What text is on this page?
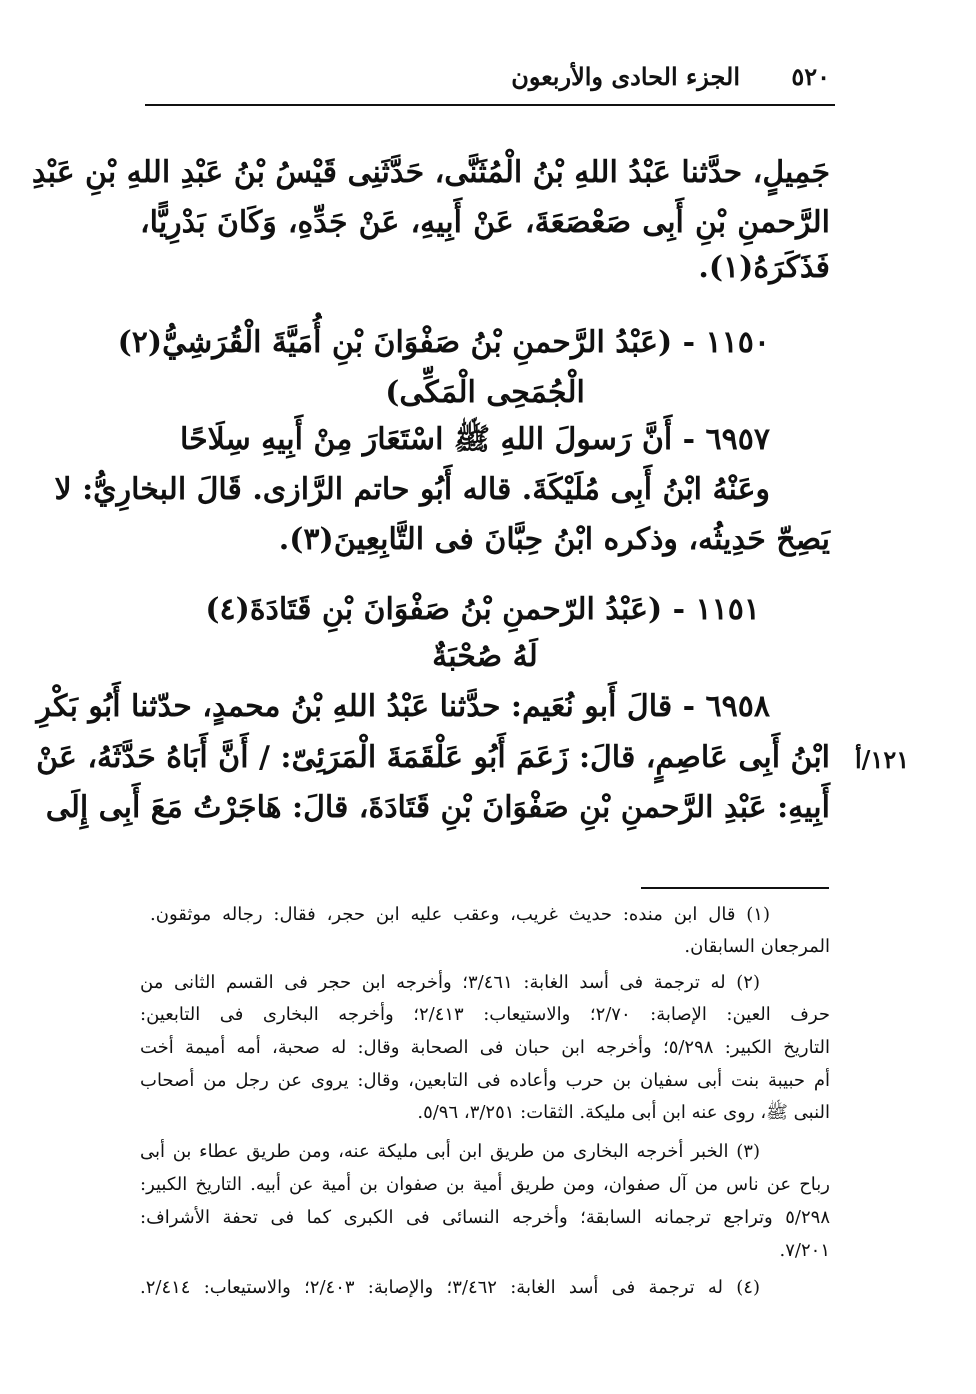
٥٢٠
الجزء الحادى والأربعون
جَمِيلٍ، حدَّثنا عَبْدُ اللهِ بْنُ الْمُثَنَّى، حَدَّثَنِى قَيْسُ بْنُ عَبْدِ اللهِ بْنِ عَبْدِ
الرَّحمنِ بْنِ أَبِى صَعْصَعَةَ، عَنْ أَبِيهِ، عَنْ جَدِّهِ، وَكَانَ بَدْرِيًّا،
فَذَكَرَهُ(١).
١١٥٠ - (عَبْدُ الرَّحمنِ بْنُ صَفْوَانَ بْنِ أُمَيَّةَ الْقُرَشِيُّ(٢)
الْجُمَحِى الْمَكِّى)
٦٩٥٧ - أَنَّ رَسولَ اللهِ ﷺ اسْتَعَارَ مِنْ أَبِيهِ سِلَاحًا
وعَنْهُ ابْنُ أَبِى مُلَيْكَةَ. قاله أَبُو حاتم الرَّازى. قَالَ البخارِيُّ: لا
يَصِحّ حَدِيثُه، وذكره ابْنُ حِبَّانَ فى التَّابِعِينَ(٣).
١١٥١ - (عَبْدُ الرّحمنِ بْنُ صَفْوَانَ بْنِ قَتَادَةَ(٤)
لَهُ صُحْبَةٌ
٦٩٥٨ - قالَ أَبو نُعَيم: حدَّثنا عَبْدُ اللهِ بْنُ محمدٍ، حدّثنا أَبُو بَكْرِ
ابْنُ أَبِى عَاصِمٍ، قالَ: زَعَمَ أَبُو عَلْقَمَةَ الْمَرَئِىّ: / أَنَّ أَبَاهُ حَدَّثَهُ، عَنْ
أَبِيهِ: عَبْدِ الرَّحمنِ بْنِ صَفْوَانَ بْنِ قَتَادَةَ، قالَ: هَاجَرْتُ مَعَ أَبِى إِلَى
١٢١/أ
(١) قال ابن منده: حديث غريب، وعقب عليه ابن حجر، فقال: رجاله موثقون.
المرجعان السابقان.
(٢) له ترجمة فى أسد الغابة: ٣/٤٦١؛ وأخرجه ابن حجر فى القسم الثانى من
حرف العين: الإصابة: ٢/٧٠؛ والاستيعاب: ٢/٤١٣؛ وأخرجه البخارى فى التابعين:
التاريخ الكبير: ٥/٢٩٨؛ وأخرجه ابن حبان فى الصحابة وقال: له صحبة، أمه أميمة أخت
أم حبيبة بنت أبى سفيان بن حرب وأعاده فى التابعين، وقال: يروى عن رجل من أصحاب
النبى ﷺ، روى عنه ابن أبى مليكة. الثقات: ٣/٢٥١، ٥/٩٦.
(٣) الخبر أخرجه البخارى من طريق ابن أبى مليكة عنه، ومن طريق عطاء بن أبى
رباح عن ناس من آل صفوان، ومن طريق أمية بن صفوان بن أمية عن أبيه. التاريخ الكبير:
٥/٢٩٨ وتراجع ترجمانه السابقة؛ وأخرجه النسائى فى الكبرى كما فى تحفة الأشراف:
٧/٢٠١.
(٤) له ترجمة فى أسد الغابة: ٣/٤٦٢؛ والإصابة: ٢/٤٠٣؛ والاستيعاب: ٢/٤١٤.
